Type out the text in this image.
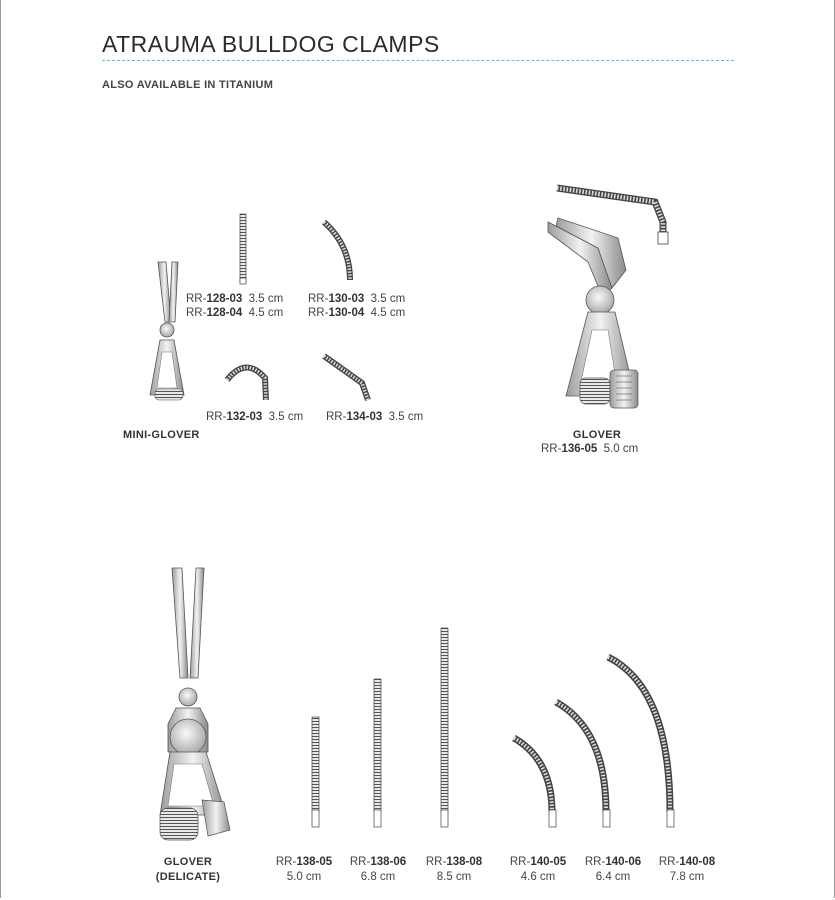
ATRAUMA BULLDOG CLAMPS
ALSO AVAILABLE IN TITANIUM
RR-128-03 3.5 cm
RR-128-04 4.5 cm
RR-130-03 3.5 cm
RR-130-04 4.5 cm
RR-132-03 3.5 cm RR-134-03 3.5 cm
MINI-GLOVER	GLOVER
RR-136-05 5.0 cm
GLOVER
(DELICATE)
RR-138-05
5.0 cm
RR-138-06
6.8 cm
RR-138-08
8.5 cm
RR-140-05
4.6 cm
RR-140-06
6.4 cm
RR-140-08
7.8 cm
